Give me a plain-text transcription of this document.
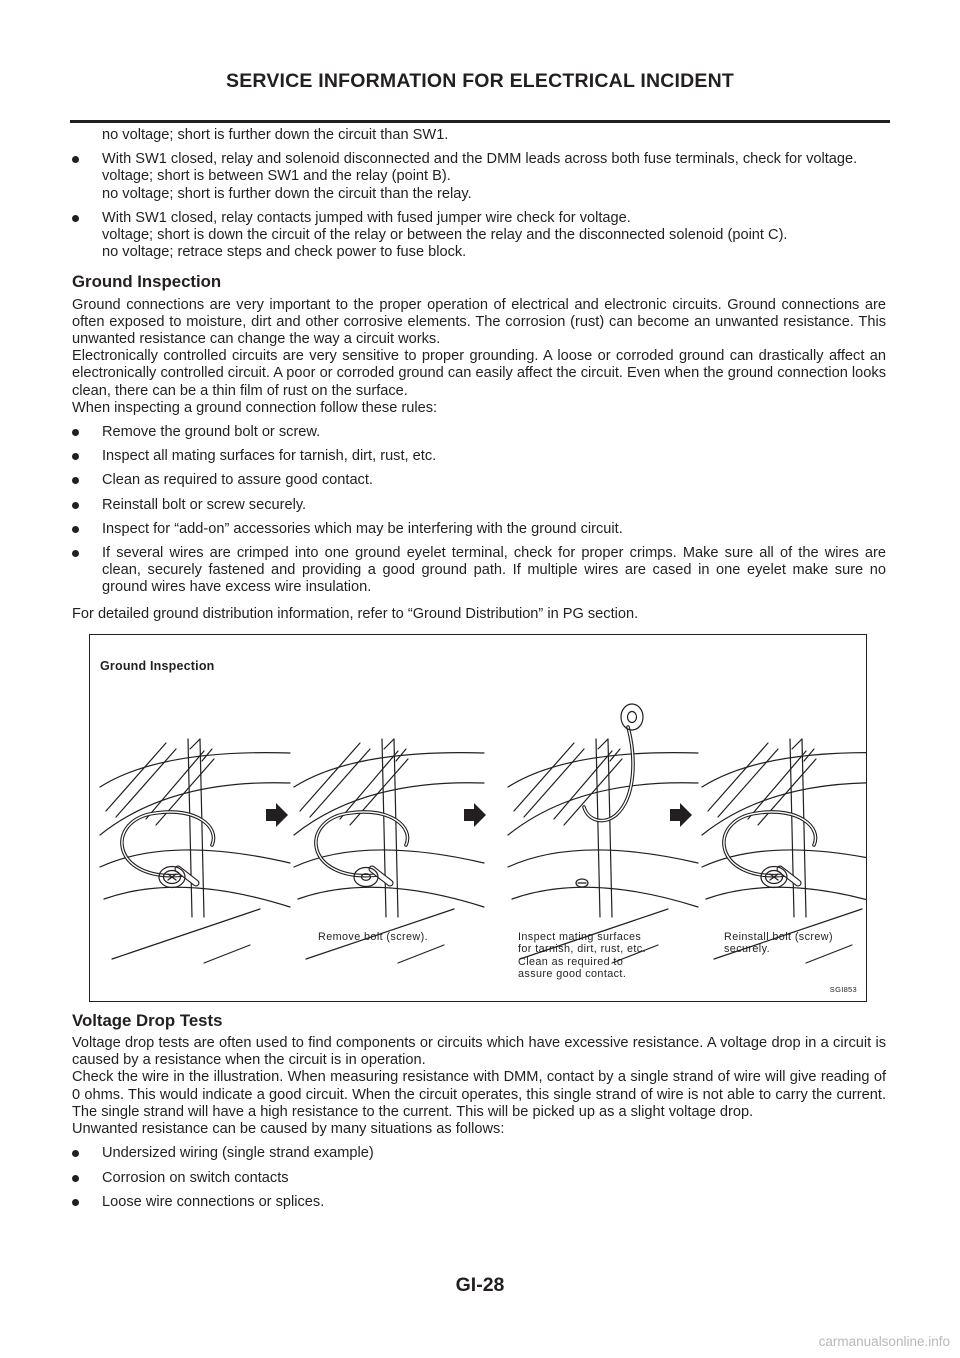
SERVICE INFORMATION FOR ELECTRICAL INCIDENT
no voltage; short is further down the circuit than SW1.
With SW1 closed, relay and solenoid disconnected and the DMM leads across both fuse terminals, check for voltage.
voltage; short is between SW1 and the relay (point B).
no voltage; short is further down the circuit than the relay.
With SW1 closed, relay contacts jumped with fused jumper wire check for voltage.
voltage; short is down the circuit of the relay or between the relay and the disconnected solenoid (point C).
no voltage; retrace steps and check power to fuse block.
Ground Inspection

Ground connections are very important to the proper operation of electrical and electronic circuits. Ground connections are often exposed to moisture, dirt and other corrosive elements. The corrosion (rust) can become an unwanted resistance. This unwanted resistance can change the way a circuit works.

Electronically controlled circuits are very sensitive to proper grounding. A loose or corroded ground can drastically affect an electronically controlled circuit. A poor or corroded ground can easily affect the circuit. Even when the ground connection looks clean, there can be a thin film of rust on the surface.

When inspecting a ground connection follow these rules:

Remove the ground bolt or screw.
Inspect all mating surfaces for tarnish, dirt, rust, etc.
Clean as required to assure good contact.
Reinstall bolt or screw securely.
Inspect for “add-on” accessories which may be interfering with the ground circuit.
If several wires are crimped into one ground eyelet terminal, check for proper crimps. Make sure all of the wires are clean, securely fastened and providing a good ground path. If multiple wires are cased in one eyelet make sure no ground wires have excess wire insulation.

For detailed ground distribution information, refer to “Ground Distribution” in PG section.

Ground Inspection
Remove bolt (screw).	Inspect mating surfaces
for tarnish, dirt, rust, etc.
Clean as required to
assure good contact.
Reinstall bolt (screw)
securely.
SGI853
Voltage Drop Tests

Voltage drop tests are often used to find components or circuits which have excessive resistance. A voltage drop in a circuit is caused by a resistance when the circuit is in operation.

Check the wire in the illustration. When measuring resistance with DMM, contact by a single strand of wire will give reading of 0 ohms. This would indicate a good circuit. When the circuit operates, this single strand of wire is not able to carry the current. The single strand will have a high resistance to the current. This will be picked up as a slight voltage drop.

Unwanted resistance can be caused by many situations as follows:

Undersized wiring (single strand example)
Corrosion on switch contacts
Loose wire connections or splices.
GI-28
carmanualsonline.info
